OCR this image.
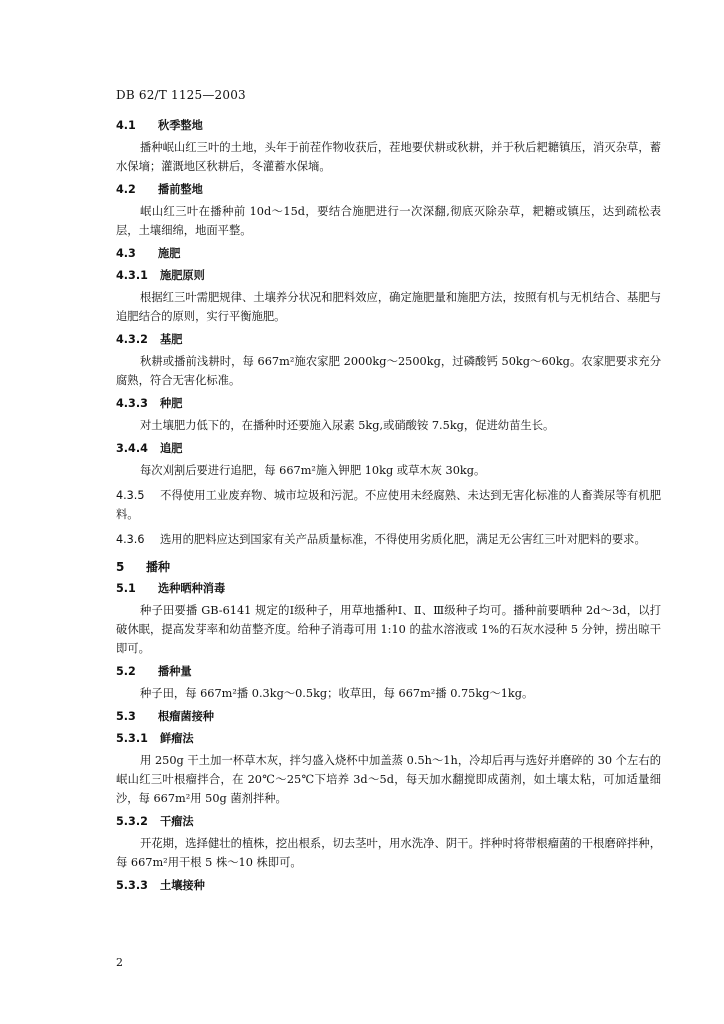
DB 62/T 1125—2003

4.1 秋季整地

播种岷山红三叶的土地，头年于前茬作物收获后，茬地要伏耕或秋耕，并于秋后耙耱镇压，消灭杂草，蓄水保墒；灌溉地区秋耕后，冬灌蓄水保墒。

4.2 播前整地

岷山红三叶在播种前 10d～15d，要结合施肥进行一次深翻,彻底灭除杂草，耙耱或镇压，达到疏松表层，土壤细绵，地面平整。

4.3 施肥

4.3.1 施肥原则

根据红三叶需肥规律、土壤养分状况和肥料效应，确定施肥量和施肥方法，按照有机与无机结合、基肥与追肥结合的原则，实行平衡施肥。

4.3.2 基肥

秋耕或播前浅耕时，每 667m²施农家肥 2000kg～2500kg，过磷酸钙 50kg～60kg。农家肥要求充分腐熟，符合无害化标准。

4.3.3 种肥

对土壤肥力低下的，在播种时还要施入尿素 5kg,或硝酸铵 7.5kg，促进幼苗生长。

3.4.4 追肥

每次刈割后要进行追肥，每 667m²施入钾肥 10kg 或草木灰 30kg。

4.3.5 不得使用工业废弃物、城市垃圾和污泥。不应使用未经腐熟、未达到无害化标准的人畜粪尿等有机肥料。

4.3.6 选用的肥料应达到国家有关产品质量标准，不得使用劣质化肥，满足无公害红三叶对肥料的要求。

5 播种

5.1 选种晒种消毒

种子田要播 GB-6141 规定的Ⅰ级种子，用草地播种Ⅰ、Ⅱ、Ⅲ级种子均可。播种前要晒种 2d～3d，以打破休眠，提高发芽率和幼苗整齐度。给种子消毒可用 1:10 的盐水溶液或 1%的石灰水浸种 5 分钟，捞出晾干即可。

5.2 播种量

种子田，每 667m²播 0.3kg～0.5kg；收草田，每 667m²播 0.75kg～1kg。

5.3 根瘤菌接种

5.3.1 鲜瘤法

用 250g 干土加一杯草木灰，拌匀盛入烧杯中加盖蒸 0.5h～1h，冷却后再与选好并磨碎的 30 个左右的岷山红三叶根瘤拌合，在 20℃～25℃下培养 3d～5d，每天加水翻搅即成菌剂，如土壤太粘，可加适量细沙，每 667m²用 50g 菌剂拌种。

5.3.2 干瘤法

开花期，选择健壮的植株，挖出根系，切去茎叶，用水洗净、阴干。拌种时将带根瘤菌的干根磨碎拌种，每 667m²用干根 5 株～10 株即可。

5.3.3 土壤接种

2
